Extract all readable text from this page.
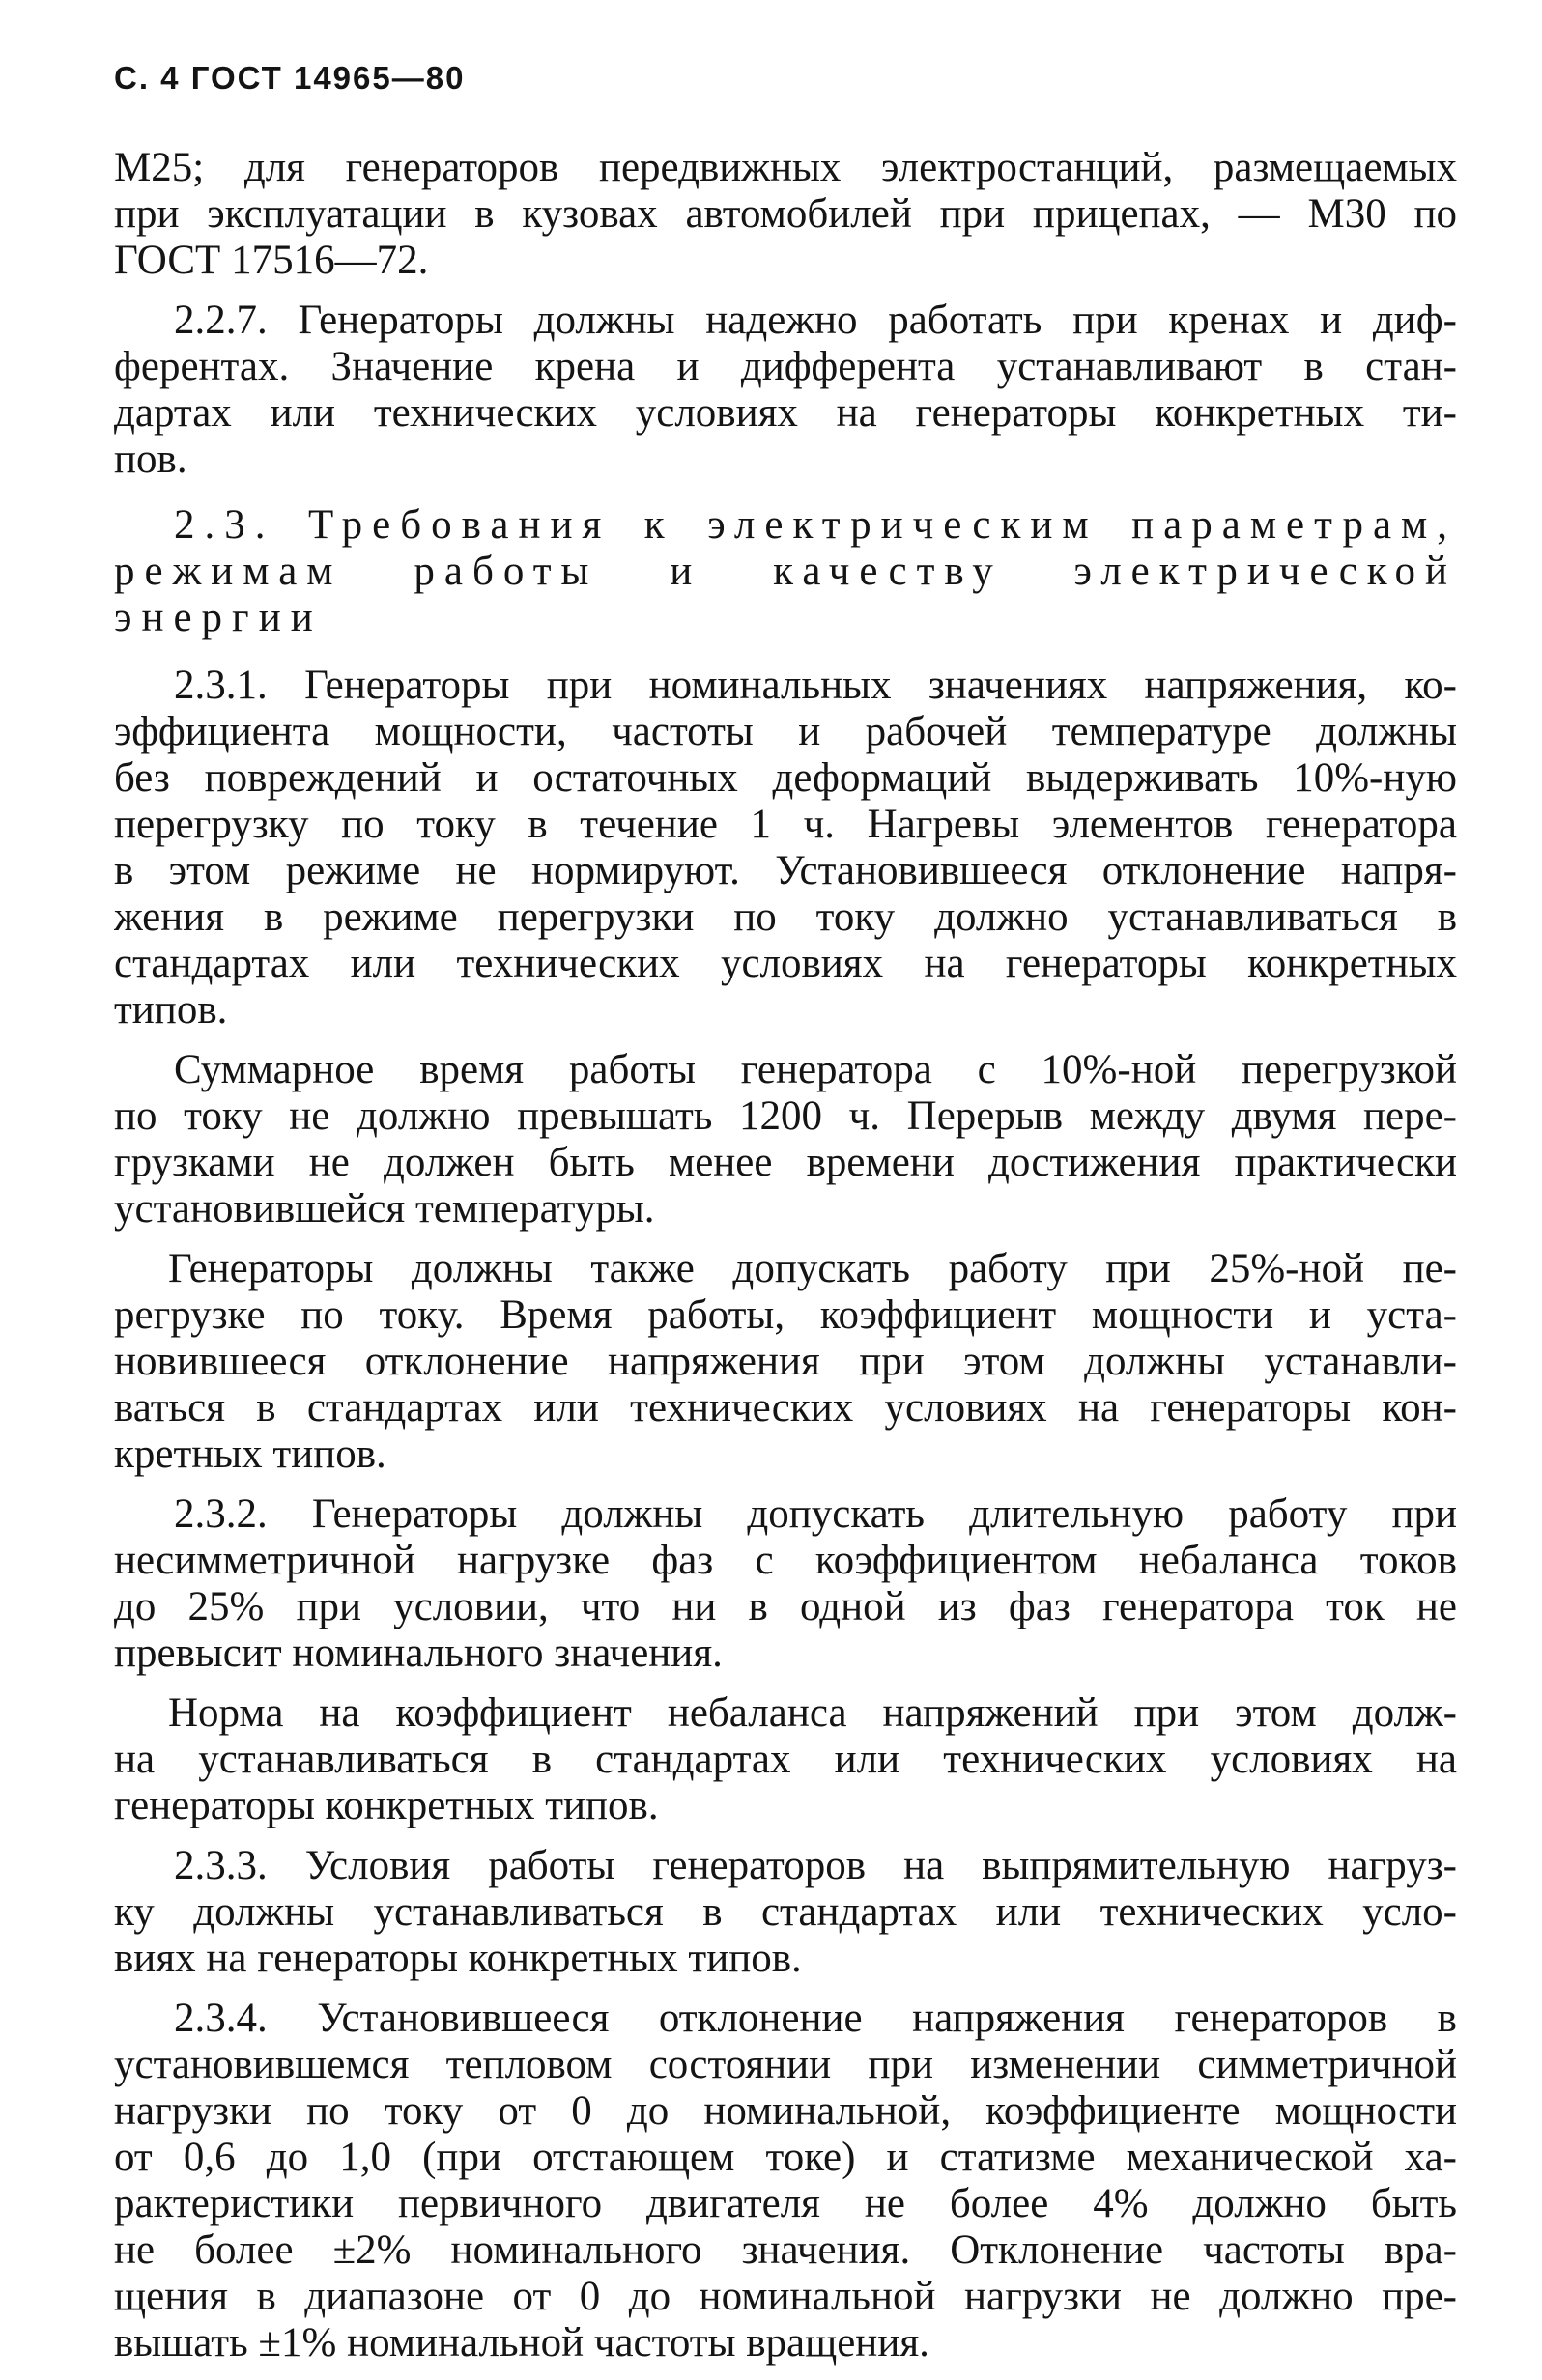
С. 4 ГОСТ 14965—80
М25; для генераторов передвижных электростанций, размещаемых
при эксплуатации в кузовах автомобилей при прицепах, — М30 по
ГОСТ 17516—72.
2.2.7. Генераторы должны надежно работать при кренах и диф-
ферентах. Значение крена и дифферента устанавливают в стан-
дартах или технических условиях на генераторы конкретных ти-
пов.
2.3. Требования к электрическим параметрам,
режимам работы и качеству электрической
энергии
2.3.1. Генераторы при номинальных значениях напряжения, ко-
эффициента мощности, частоты и рабочей температуре должны
без повреждений и остаточных деформаций выдерживать 10%-ную
перегрузку по току в течение 1 ч. Нагревы элементов генератора
в этом режиме не нормируют. Установившееся отклонение напря-
жения в режиме перегрузки по току должно устанавливаться в
стандартах или технических условиях на генераторы конкретных
типов.
Суммарное время работы генератора с 10%-ной перегрузкой
по току не должно превышать 1200 ч. Перерыв между двумя пере-
грузками не должен быть менее времени достижения практически
установившейся температуры.
Генераторы должны также допускать работу при 25%-ной пе-
регрузке по току. Время работы, коэффициент мощности и уста-
новившееся отклонение напряжения при этом должны устанавли-
ваться в стандартах или технических условиях на генераторы кон-
кретных типов.
2.3.2. Генераторы должны допускать длительную работу при
несимметричной нагрузке фаз с коэффициентом небаланса токов
до 25% при условии, что ни в одной из фаз генератора ток не
превысит номинального значения.
Норма на коэффициент небаланса напряжений при этом долж-
на устанавливаться в стандартах или технических условиях на
генераторы конкретных типов.
2.3.3. Условия работы генераторов на выпрямительную нагруз-
ку должны устанавливаться в стандартах или технических усло-
виях на генераторы конкретных типов.
2.3.4. Установившееся отклонение напряжения генераторов в
установившемся тепловом состоянии при изменении симметричной
нагрузки по току от 0 до номинальной, коэффициенте мощности
от 0,6 до 1,0 (при отстающем токе) и статизме механической ха-
рактеристики первичного двигателя не более 4% должно быть
не более ±2% номинального значения. Отклонение частоты вра-
щения в диапазоне от 0 до номинальной нагрузки не должно пре-
вышать ±1% номинальной частоты вращения.
